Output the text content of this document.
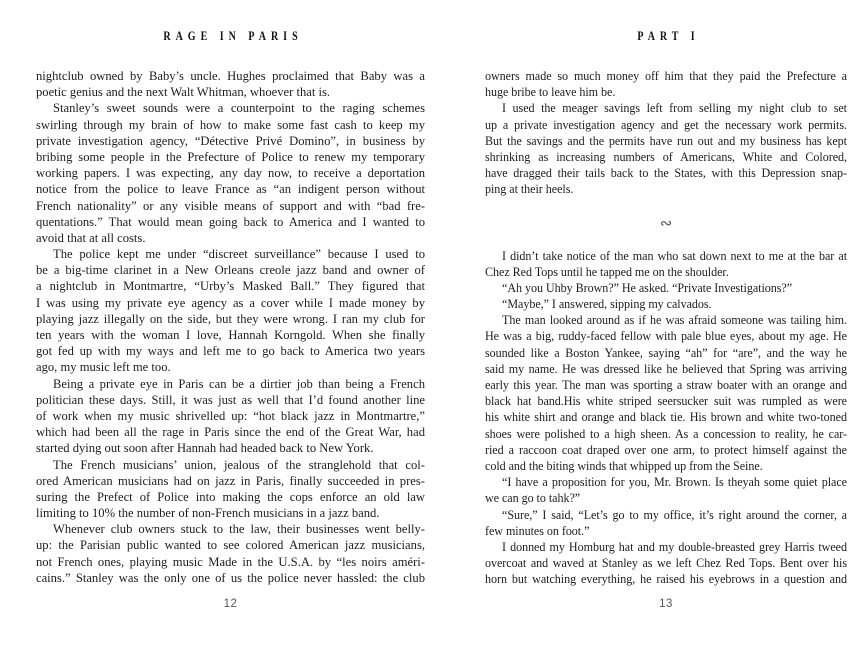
RAGE IN PARIS
nightclub owned by Baby’s uncle. Hughes proclaimed that Baby was a
poetic genius and the next Walt Whitman, whoever that is.
Stanley’s sweet sounds were a counterpoint to the raging schemes
swirling through my brain of how to make some fast cash to keep my
private investigation agency, “Détective Privé Domino”, in business by
bribing some people in the Prefecture of Police to renew my temporary
working papers. I was expecting, any day now, to receive a deportation
notice from the police to leave France as “an indigent person without
French nationality” or any visible means of support and with “bad fre-
quentations.” That would mean going back to America and I wanted to
avoid that at all costs.
The police kept me under “discreet surveillance” because I used to
be a big-time clarinet in a New Orleans creole jazz band and owner of
a nightclub in Montmartre, “Urby’s Masked Ball.” They figured that
I was using my private eye agency as a cover while I made money by
playing jazz illegally on the side, but they were wrong. I ran my club for
ten years with the woman I love, Hannah Korngold. When she finally
got fed up with my ways and left me to go back to America two years
ago, my music left me too.
Being a private eye in Paris can be a dirtier job than being a French
politician these days. Still, it was just as well that I’d found another line
of work when my music shrivelled up: “hot black jazz in Montmartre,”
which had been all the rage in Paris since the end of the Great War, had
started dying out soon after Hannah had headed back to New York.
The French musicians’ union, jealous of the stranglehold that col-
ored American musicians had on jazz in Paris, finally succeeded in pres-
suring the Prefect of Police into making the cops enforce an old law
limiting to 10% the number of non-French musicians in a jazz band.
Whenever club owners stuck to the law, their businesses went belly-
up: the Parisian public wanted to see colored American jazz musicians,
not French ones, playing music Made in the U.S.A. by “les noirs améri-
cains.” Stanley was the only one of us the police never hassled: the club
12
PART I
owners made so much money off him that they paid the Prefecture a
huge bribe to leave him be.
I used the meager savings left from selling my night club to set
up a private investigation agency and get the necessary work permits.
But the savings and the permits have run out and my business has kept
shrinking as increasing numbers of Americans, White and Colored,
have dragged their tails back to the States, with this Depression snap-
ping at their heels.
∾
I didn’t take notice of the man who sat down next to me at the bar at
Chez Red Tops until he tapped me on the shoulder.
“Ah you Uhby Brown?” He asked. “Private Investigations?”
“Maybe,” I answered, sipping my calvados.
The man looked around as if he was afraid someone was tailing him.
He was a big, ruddy-faced fellow with pale blue eyes, about my age. He
sounded like a Boston Yankee, saying “ah” for “are”, and the way he
said my name. He was dressed like he believed that Spring was arriving
early this year. The man was sporting a straw boater with an orange and
black hat band.His white striped seersucker suit was rumpled as were
his white shirt and orange and black tie. His brown and white two-toned
shoes were polished to a high sheen. As a concession to reality, he car-
ried a raccoon coat draped over one arm, to protect himself against the
cold and the biting winds that whipped up from the Seine.
“I have a proposition for you, Mr. Brown. Is theyah some quiet place
we can go to tahk?”
“Sure,” I said, “Let’s go to my office, it’s right around the corner, a
few minutes on foot.”
I donned my Homburg hat and my double-breasted grey Harris tweed
overcoat and waved at Stanley as we left Chez Red Tops. Bent over his
horn but watching everything, he raised his eyebrows in a question and
13
